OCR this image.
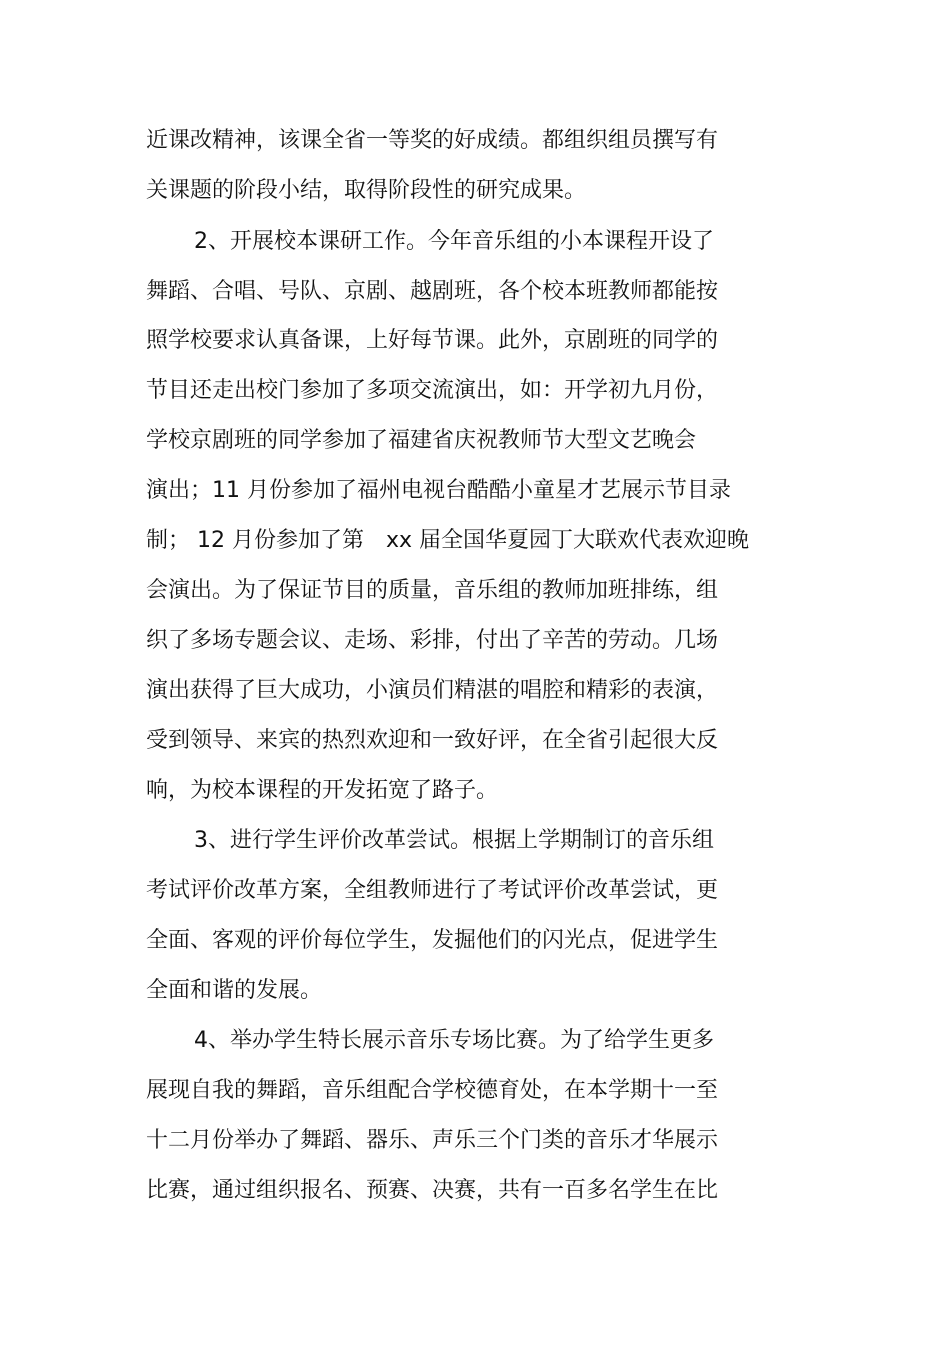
近课改精神，该课全省一等奖的好成绩。都组织组员撰写有
关课题的阶段小结，取得阶段性的研究成果。
2、开展校本课研工作。今年音乐组的小本课程开设了
舞蹈、合唱、号队、京剧、越剧班，各个校本班教师都能按
照学校要求认真备课，上好每节课。此外，京剧班的同学的
节目还走出校门参加了多项交流演出，如：开学初九月份，
学校京剧班的同学参加了福建省庆祝教师节大型文艺晚会
演出；11 月份参加了福州电视台酷酷小童星才艺展示节目录
制； 12 月份参加了第　xx 届全国华夏园丁大联欢代表欢迎晚
会演出。为了保证节目的质量，音乐组的教师加班排练，组
织了多场专题会议、走场、彩排，付出了辛苦的劳动。几场
演出获得了巨大成功，小演员们精湛的唱腔和精彩的表演，
受到领导、来宾的热烈欢迎和一致好评，在全省引起很大反
响，为校本课程的开发拓宽了路子。
3、进行学生评价改革尝试。根据上学期制订的音乐组
考试评价改革方案，全组教师进行了考试评价改革尝试，更
全面、客观的评价每位学生，发掘他们的闪光点，促进学生
全面和谐的发展。
4、举办学生特长展示音乐专场比赛。为了给学生更多
展现自我的舞蹈，音乐组配合学校德育处，在本学期十一至
十二月份举办了舞蹈、器乐、声乐三个门类的音乐才华展示
比赛，通过组织报名、预赛、决赛，共有一百多名学生在比
